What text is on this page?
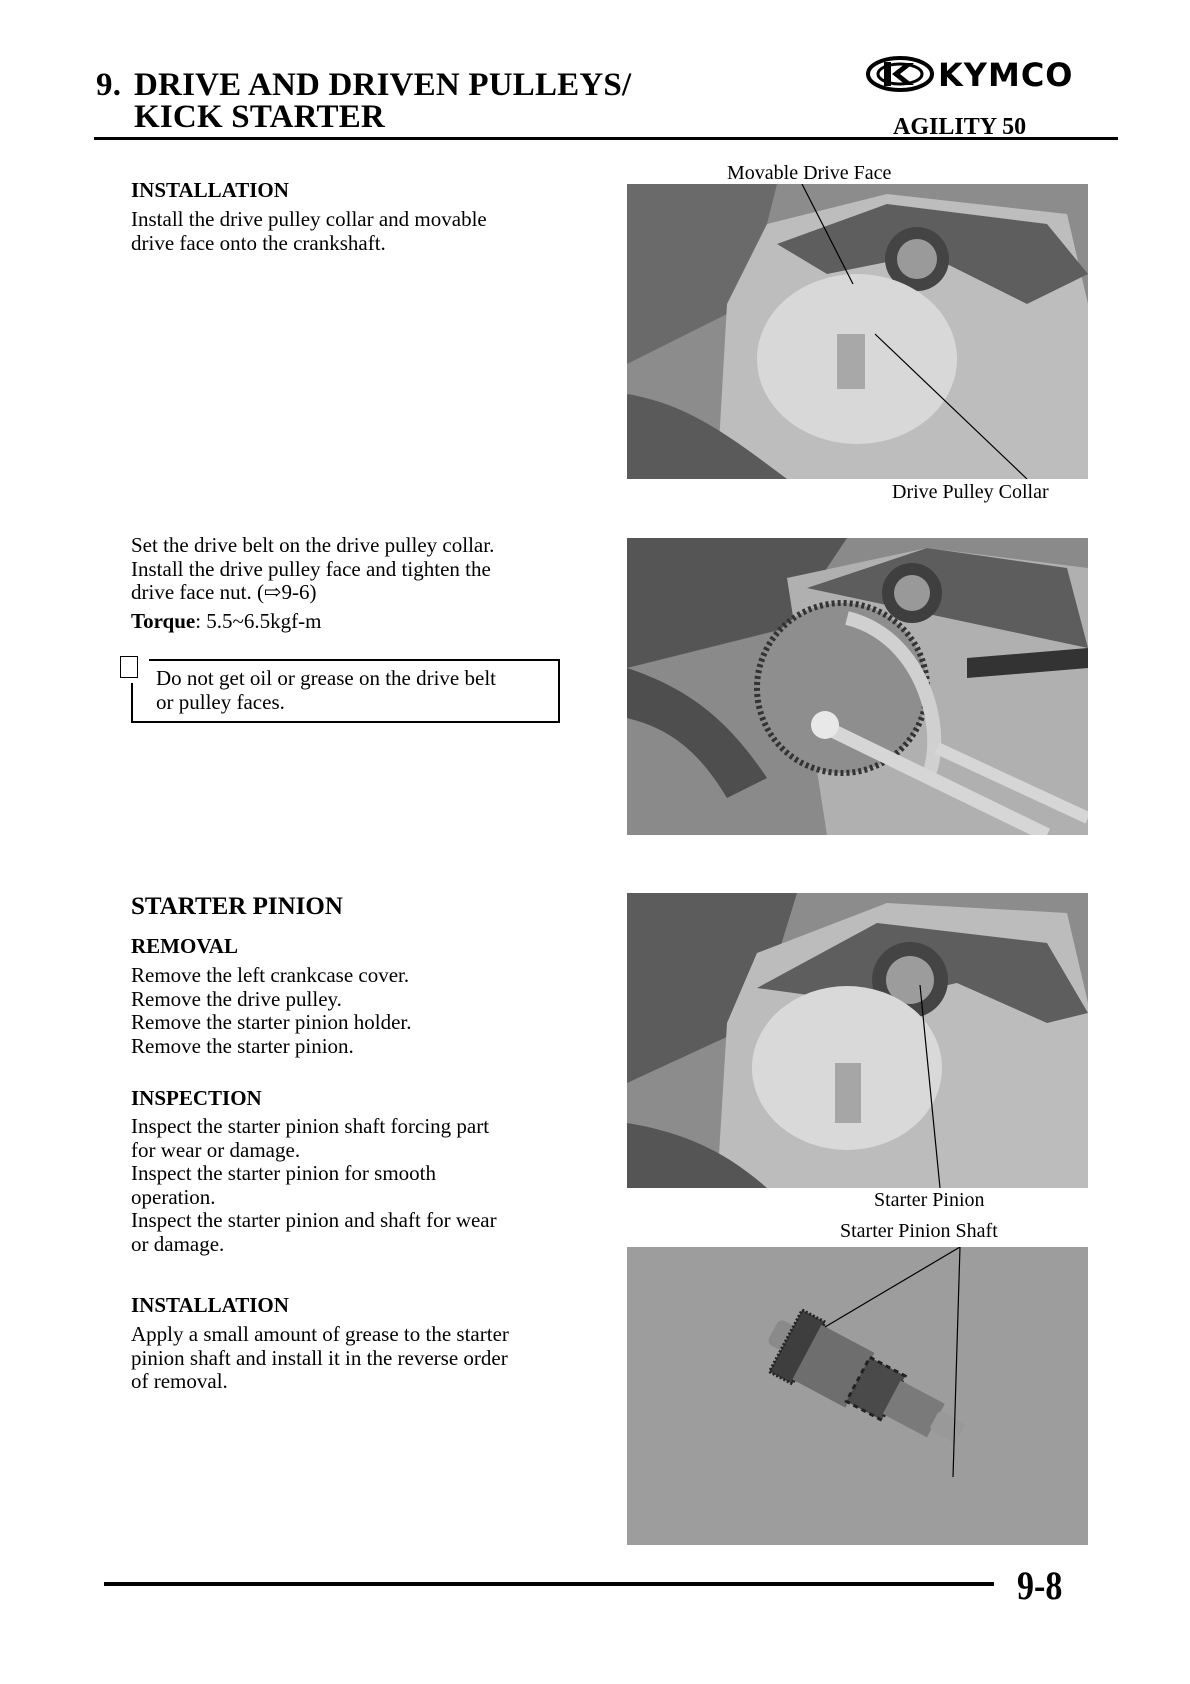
9. DRIVE AND DRIVEN PULLEYS/
KICK STARTER
KYMCO
AGILITY 50
INSTALLATION
Install the drive pulley collar and movable
drive face onto the crankshaft.
Set the drive belt on the drive pulley collar.
Install the drive pulley face and tighten the
drive face nut. (⇨9-6)
Torque: 5.5~6.5kgf-m
Do not get oil or grease on the drive belt
or pulley faces.
STARTER PINION
REMOVAL
Remove the left crankcase cover.
Remove the drive pulley.
Remove the starter pinion holder.
Remove the starter pinion.
INSPECTION
Inspect the starter pinion shaft forcing part
for wear or damage.
Inspect the starter pinion for smooth
operation.
Inspect the starter pinion and shaft for wear
or damage.
INSTALLATION
Apply a small amount of grease to the starter
pinion shaft and install it in the reverse order
of removal.
Movable Drive Face
Drive Pulley Collar
Starter Pinion
Starter Pinion Shaft
9-8
